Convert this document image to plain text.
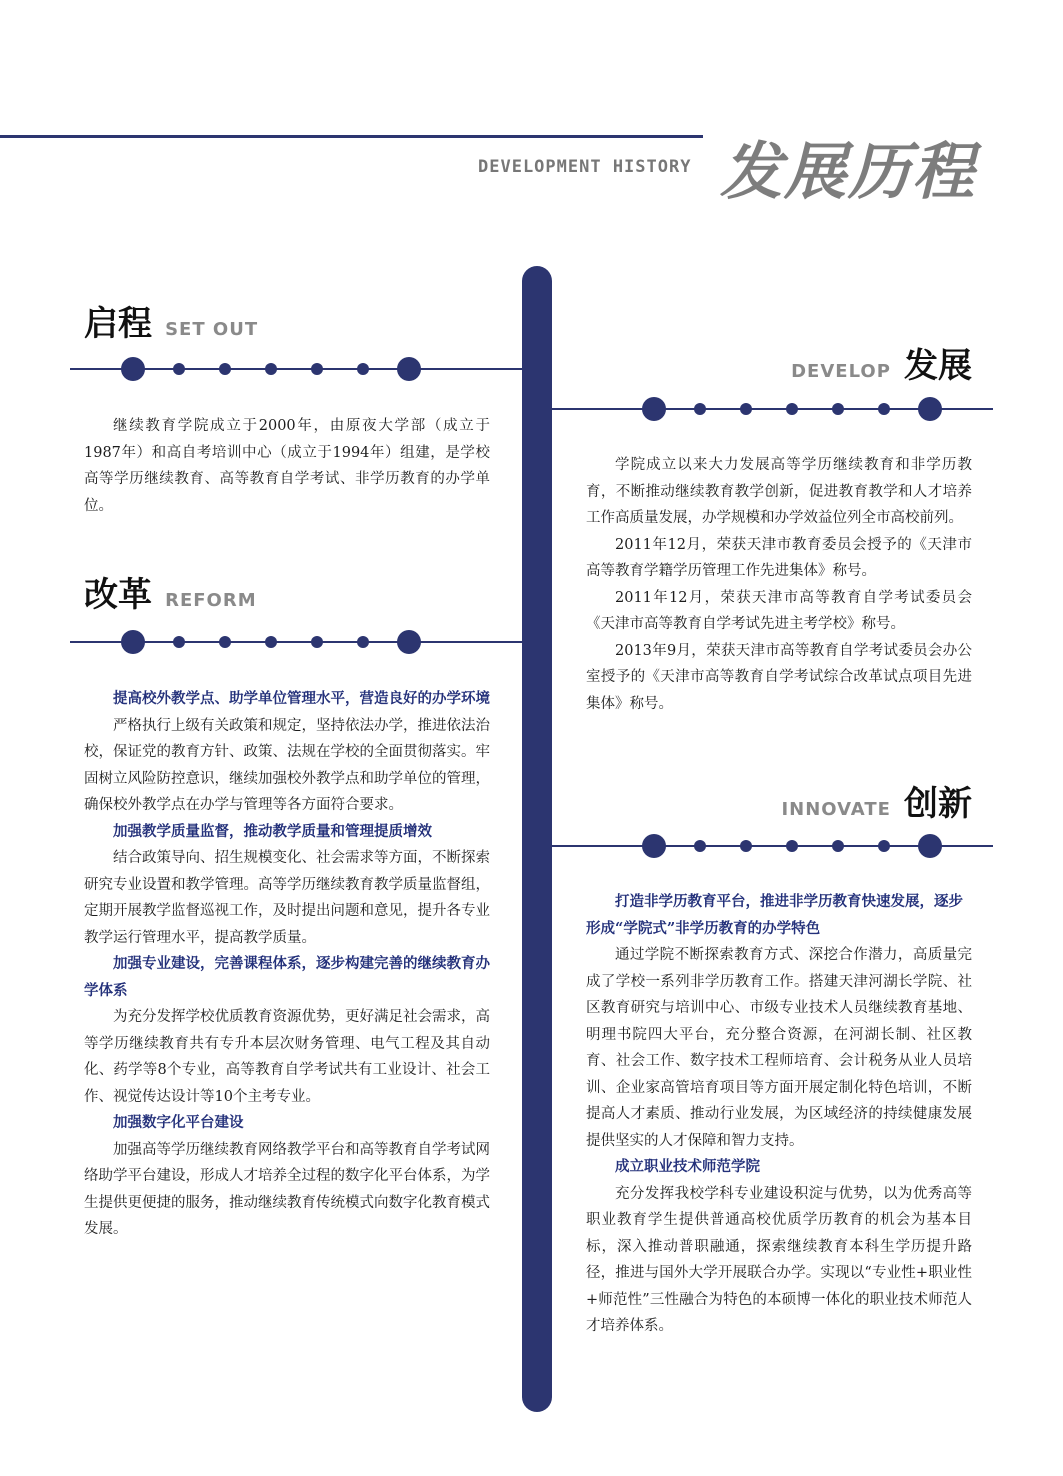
DEVELOPMENT HISTORY 发展历程
启程 SET OUT

继续教育学院成立于2000年，由原夜大学部（成立于1987年）和高自考培训中心（成立于1994年）组建，是学校高等学历继续教育、高等教育自学考试、非学历教育的办学单位。

改革 REFORM

提高校外教学点、助学单位管理水平，营造良好的办学环境

严格执行上级有关政策和规定，坚持依法办学，推进依法治校，保证党的教育方针、政策、法规在学校的全面贯彻落实。牢固树立风险防控意识，继续加强校外教学点和助学单位的管理，确保校外教学点在办学与管理等各方面符合要求。

加强教学质量监督，推动教学质量和管理提质增效

结合政策导向、招生规模变化、社会需求等方面，不断探索研究专业设置和教学管理。高等学历继续教育教学质量监督组，定期开展教学监督巡视工作，及时提出问题和意见，提升各专业教学运行管理水平，提高教学质量。

加强专业建设，完善课程体系，逐步构建完善的继续教育办学体系

为充分发挥学校优质教育资源优势，更好满足社会需求，高等学历继续教育共有专升本层次财务管理、电气工程及其自动化、药学等8个专业，高等教育自学考试共有工业设计、社会工作、视觉传达设计等10个主考专业。

加强数字化平台建设

加强高等学历继续教育网络教学平台和高等教育自学考试网络助学平台建设，形成人才培养全过程的数字化平台体系，为学生提供更便捷的服务，推动继续教育传统模式向数字化教育模式发展。

DEVELOP 发展

学院成立以来大力发展高等学历继续教育和非学历教育，不断推动继续教育教学创新，促进教育教学和人才培养工作高质量发展，办学规模和办学效益位列全市高校前列。

2011年12月，荣获天津市教育委员会授予的《天津市高等教育学籍学历管理工作先进集体》称号。

2011年12月，荣获天津市高等教育自学考试委员会《天津市高等教育自学考试先进主考学校》称号。

2013年9月，荣获天津市高等教育自学考试委员会办公室授予的《天津市高等教育自学考试综合改革试点项目先进集体》称号。

INNOVATE 创新

打造非学历教育平台，推进非学历教育快速发展，逐步形成“学院式”非学历教育的办学特色

通过学院不断探索教育方式、深挖合作潜力，高质量完成了学校一系列非学历教育工作。搭建天津河湖长学院、社区教育研究与培训中心、市级专业技术人员继续教育基地、明理书院四大平台，充分整合资源，在河湖长制、社区教育、社会工作、数字技术工程师培育、会计税务从业人员培训、企业家高管培育项目等方面开展定制化特色培训，不断提高人才素质、推动行业发展，为区域经济的持续健康发展提供坚实的人才保障和智力支持。

成立职业技术师范学院

充分发挥我校学科专业建设积淀与优势，以为优秀高等职业教育学生提供普通高校优质学历教育的机会为基本目标，深入推动普职融通，探索继续教育本科生学历提升路径，推进与国外大学开展联合办学。实现以“专业性+职业性+师范性”三性融合为特色的本硕博一体化的职业技术师范人才培养体系。
